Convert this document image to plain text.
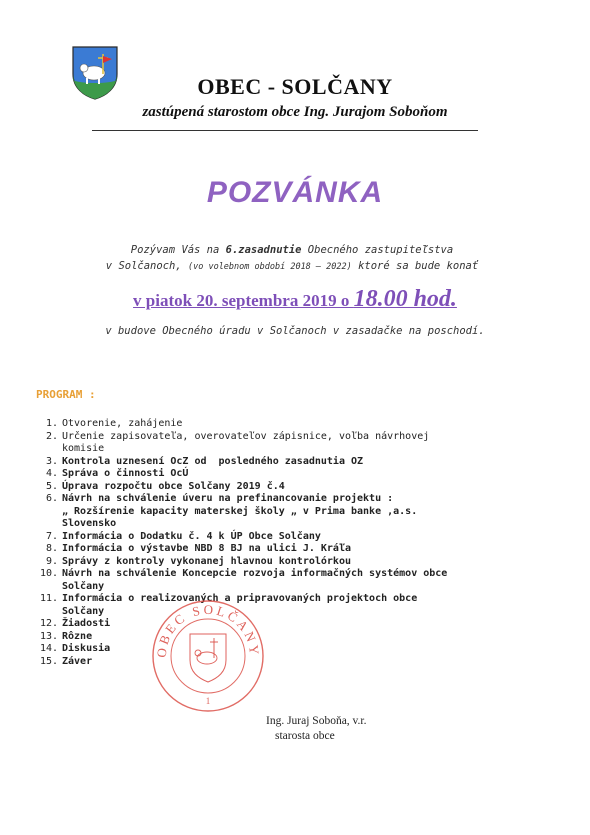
OBEC - SOLČANY
zastúpená starostom obce Ing. Jurajom Soboňom
POZVÁNKA
Pozývam Vás na 6.zasadnutie Obecného zastupiteľstva
v Solčanoch, (vo volebnom období 2018 – 2022) ktoré sa bude konať
v piatok 20. septembra 2019 o 18.00 hod.
v budove Obecného úradu v Solčanoch v zasadačke na poschodí.
PROGRAM :
1. Otvorenie, zahájenie
2. Určenie zapisovateľa, overovateľov zápisnice, voľba návrhovej
komisie
3. Kontrola uznesení OcZ od  posledného zasadnutia OZ
4. Správa o činnosti OcÚ
5. Úprava rozpočtu obce Solčany 2019 č.4
6. Návrh na schválenie úveru na prefinancovanie projektu :
„ Rozšírenie kapacity materskej školy „ v Prima banke ,a.s.
Slovensko
7. Informácia o Dodatku č. 4 k ÚP Obce Solčany
8. Informácia o výstavbe NBD 8 BJ na ulici J. Kráľa
9. Správy z kontroly vykonanej hlavnou kontrolórkou
10. Návrh na schválenie Koncepcie rozvoja informačných systémov obce
Solčany
11. Informácia o realizovaných a pripravovaných projektoch obce
Solčany
12. Žiadosti
13. Rôzne
14. Diskusia
15. Záver
OBEC SOLČANY
1
Ing. Juraj Soboňa, v.r.
starosta obce
